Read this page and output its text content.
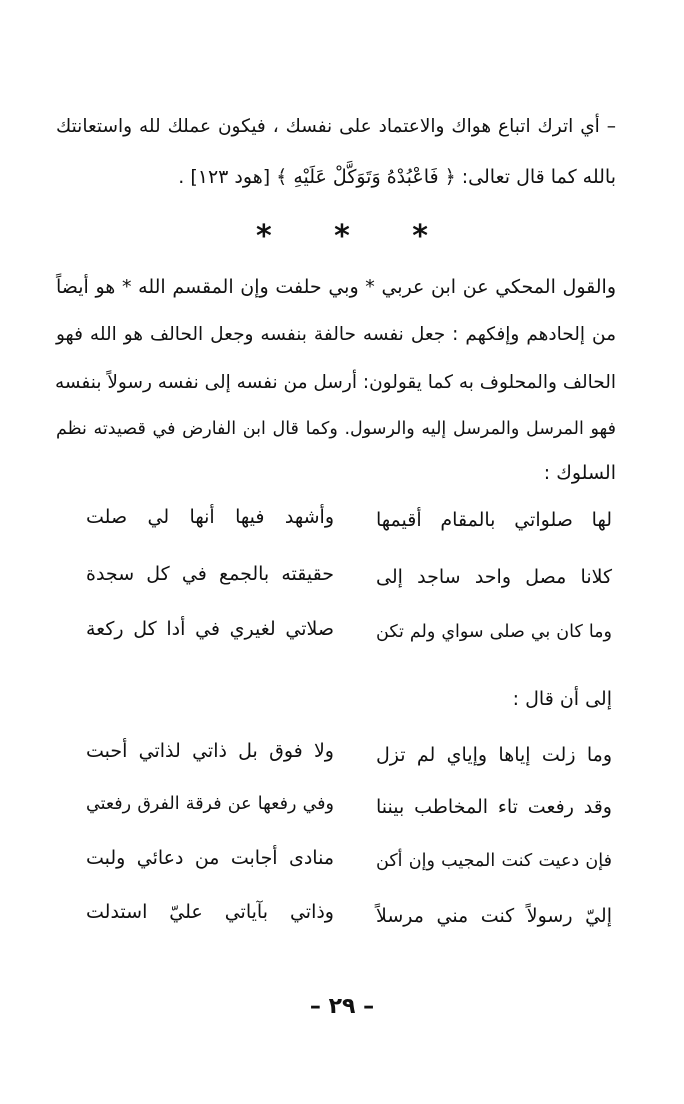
– أي اترك اتباع هواك والاعتماد على نفسك ، فيكون عملك لله واستعانتك
بالله كما قال تعالى: ﴿ فَاعْبُدْهُ وَتَوَكَّلْ عَلَيْهِ ﴾ [هود ١٢٣] .
* * *
والقول المحكي عن ابن عربي * وبي حلفت وإن المقسم الله * هو أيضاً
من إلحادهم وإفكهم : جعل نفسه حالفة بنفسه وجعل الحالف هو الله فهو
الحالف والمحلوف به كما يقولون: أرسل من نفسه إلى نفسه رسولاً بنفسه
فهو المرسل والمرسل إليه والرسول. وكما قال ابن الفارض في قصيدته نظم
السلوك :
لها صلواتي بالمقام أقيمها
وأشهد فيها أنها لي صلت
كلانا مصل واحد ساجد إلى
حقيقته بالجمع في كل سجدة
وما كان بي صلى سواي ولم تكن
صلاتي لغيري في أدا كل ركعة
إلى أن قال :
وما زلت إياها وإياي لم تزل
ولا فوق بل ذاتي لذاتي أحبت
وقد رفعت تاء المخاطب بيننا
وفي رفعها عن فرقة الفرق رفعتي
فإن دعيت كنت المجيب وإن أكن
منادى أجابت من دعائي ولبت
إليّ رسولاً كنت مني مرسلاً
وذاتي بآياتي عليّ استدلت
– ٢٩ –
